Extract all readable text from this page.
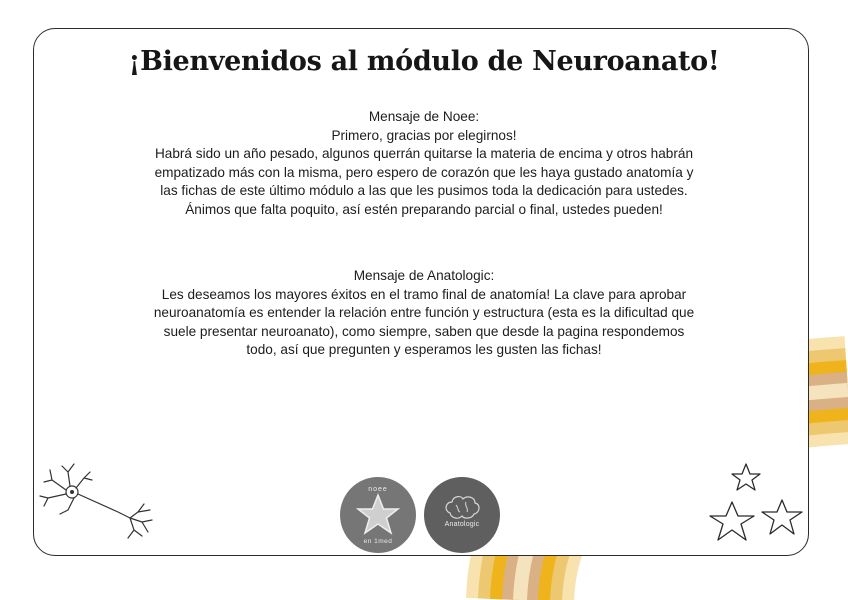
¡Bienvenidos al módulo de Neuroanato!

Mensaje de Noee:

Primero, gracias por elegirnos!

Habrá sido un año pesado, algunos querrán quitarse la materia de encima y otros habrán

empatizado más con la misma, pero espero de corazón que les haya gustado anatomía y

las fichas de este último módulo a las que les pusimos toda la dedicación para ustedes.

Ánimos que falta poquito, así estén preparando parcial o final, ustedes pueden!

Mensaje de Anatologic:

Les deseamos los mayores éxitos en el tramo final de anatomía! La clave para aprobar

neuroanatomía es entender la relación entre función y estructura (esta es la dificultad que

suele presentar neuroanato), como siempre, saben que desde la pagina respondemos

todo, así que pregunten y esperamos les gusten las fichas!

noee
en 1med
Anatologic
